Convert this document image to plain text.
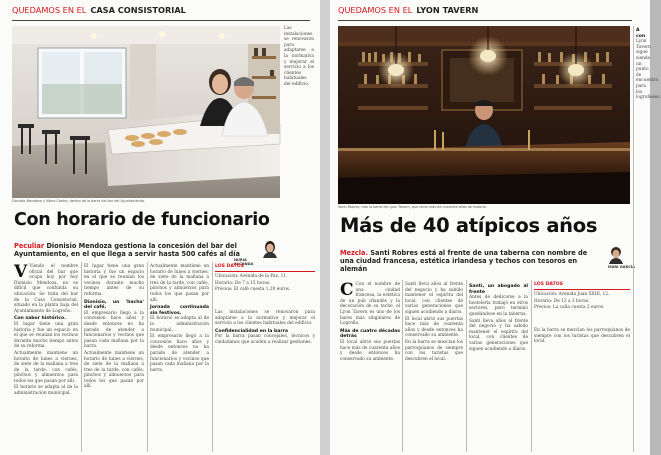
QUEDAMOS EN EL CASA CONSISTORIAL
Dionisio Mendoza y Maria Castro, dentro de la barra del bar del Ayuntamiento.

Las instalaciones se renovaron para adaptarse a la normativa y mejorar el servicio a los clientes habituales del edificio.

Con horario de funcionario
Peculiar Dionisio Mendoza gestiona la concesión del bar del Ayuntamiento, en el que llega a servir hasta 500 cafés al día
NURIA ALCANDA

V Viendo el nombre oficial del bar que ocupa hoy por hoy Dionisio Mendoza, no es difícil que confunda su ubicación. Se trata del bar de la Casa Consistorial, situado en la planta baja del Ayuntamiento de Logroño.

Con sabor histórico.
El lugar tiene una gran historia y fue un espacio en el que se reunían los vecinos durante mucho tiempo antes de su reforma.

Actualmente mantiene un horario de lunes a viernes, de siete de la mañana a tres de la tarde, con cafés, pinchos y almuerzos para todos los que pasan por allí.

El horario se adapta al de la administración municipal.

El lugar tiene una gran historia y fue un espacio en el que se reunían los vecinos durante mucho tiempo antes de su reforma.

Dionisio, un 'hacha' del café.
El empresario llegó a la concesión hace años y desde entonces no ha parado de atender a funcionarios y vecinos que pasan cada mañana por la barra.

Actualmente mantiene un horario de lunes a viernes, de siete de la mañana a tres de la tarde, con cafés, pinchos y almuerzos para todos los que pasan por allí.

Actualmente mantiene un horario de lunes a viernes, de siete de la mañana a tres de la tarde, con cafés, pinchos y almuerzos para todos los que pasan por allí.

Jornada continuada sin festivos.
El horario se adapta al de la administración municipal.

El empresario llegó a la concesión hace años y desde entonces no ha parado de atender a funcionarios y vecinos que pasan cada mañana por la barra.

LOS DATOS

Ubicación: Avenida de la Paz, 11.

Horario: De 7 a 15 horas.

Precios: El café cuesta 1,20 euros.

Las instalaciones se renovaron para adaptarse a la normativa y mejorar el servicio a los clientes habituales del edificio.

Confidencialidad en la barra
Por la barra pasan concejales, técnicos y ciudadanos que acuden a realizar gestiones.

QUEDAMOS EN EL LYON TAVERN
Santi Robres, tras la barra del Lyon Tavern, que tiene más de cuarenta años de historia.
Más de 40 atípicos años
Mezcla. Santi Robres está al frente de una taberna con nombre de una ciudad francesa, estética irlandesa y techos con tesoros en alemán	MARI GARCÍA

C Con el nombre de una ciudad francesa, la estética de un pub irlandés y la decoración de su techo, el Lyon Tavern es uno de los bares más singulares de Logroño.

Más de cuatro décadas detrás
El local abrió sus puertas hace más de cuarenta años y desde entonces ha conservado su ambiente.

Santi lleva años al frente del negocio y ha sabido mantener el espíritu del local, con clientes de varias generaciones que siguen acudiendo a diario.

El local abrió sus puertas hace más de cuarenta años y desde entonces ha conservado su ambiente.

En la barra se mezclan los parroquianos de siempre con los turistas que descubren el local.

Santi, un abogado al frente
Antes de dedicarse a la hostelería trabajó en otros sectores, pero terminó quedándose en la taberna.

Santi lleva años al frente del negocio y ha sabido mantener el espíritu del local, con clientes de varias generaciones que siguen acudiendo a diario.

LOS DATOS

Ubicación: Avenida Juan XXIII, 12.

Horario: De 12 a 3 horas.

Precios: La caña cuesta 2 euros.

En la barra se mezclan los parroquianos de siempre con los turistas que descubren el local.

A con
Lyon Tavern sigue siendo un punto de encuentro para los logroñeses.
